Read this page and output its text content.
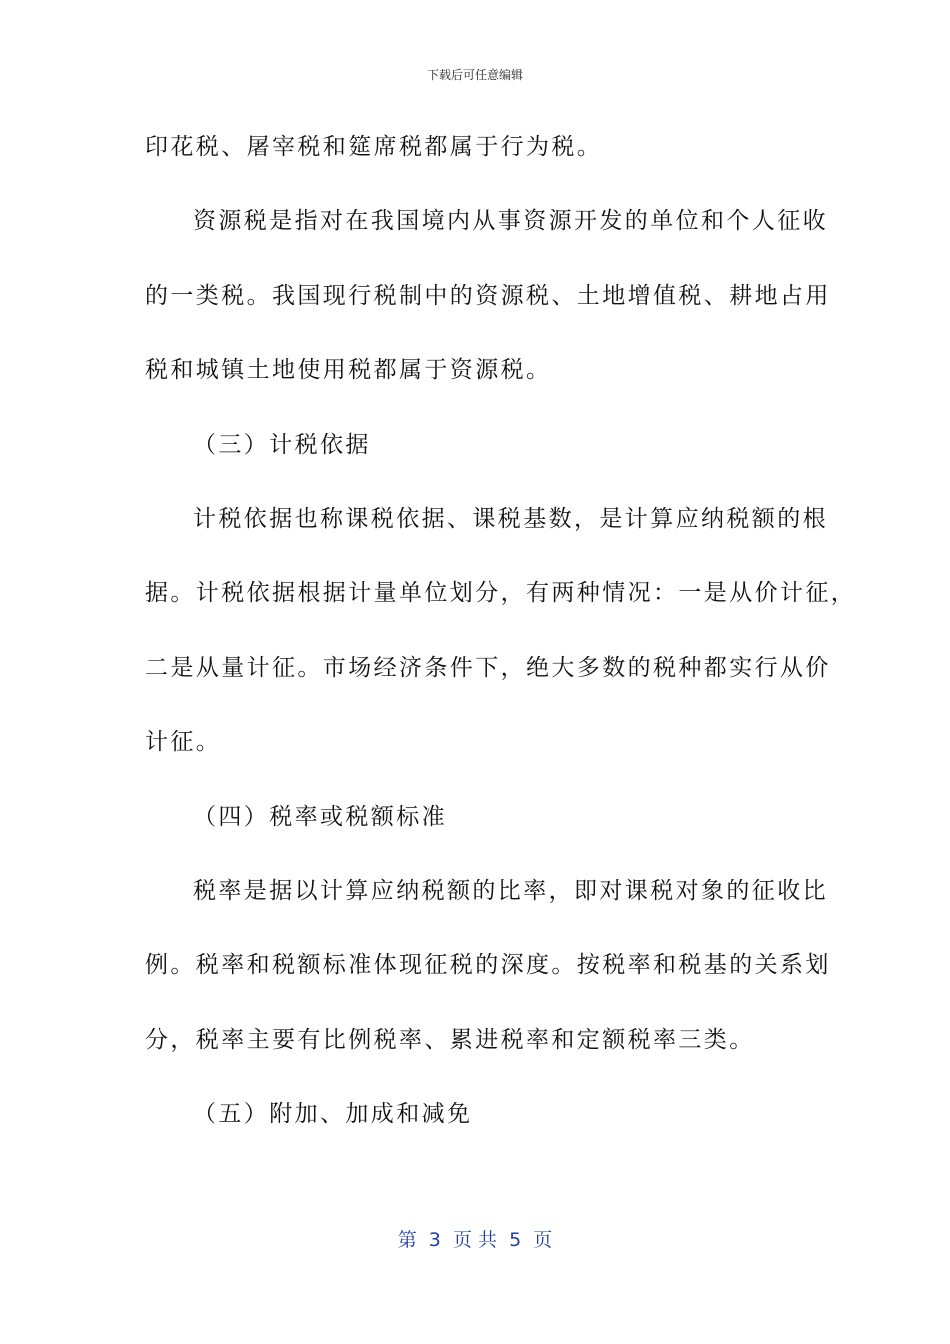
下载后可任意编辑
印花税、屠宰税和筵席税都属于行为税。
资源税是指对在我国境内从事资源开发的单位和个人征收
的一类税。我国现行税制中的资源税、土地增值税、耕地占用
税和城镇土地使用税都属于资源税。
（三）计税依据
计税依据也称课税依据、课税基数，是计算应纳税额的根
据。计税依据根据计量单位划分，有两种情况：一是从价计征，
二是从量计征。市场经济条件下，绝大多数的税种都实行从价
计征。
（四）税率或税额标准
税率是据以计算应纳税额的比率，即对课税对象的征收比
例。税率和税额标准体现征税的深度。按税率和税基的关系划
分，税率主要有比例税率、累进税率和定额税率三类。
（五）附加、加成和减免
第  3  页 共  5  页
